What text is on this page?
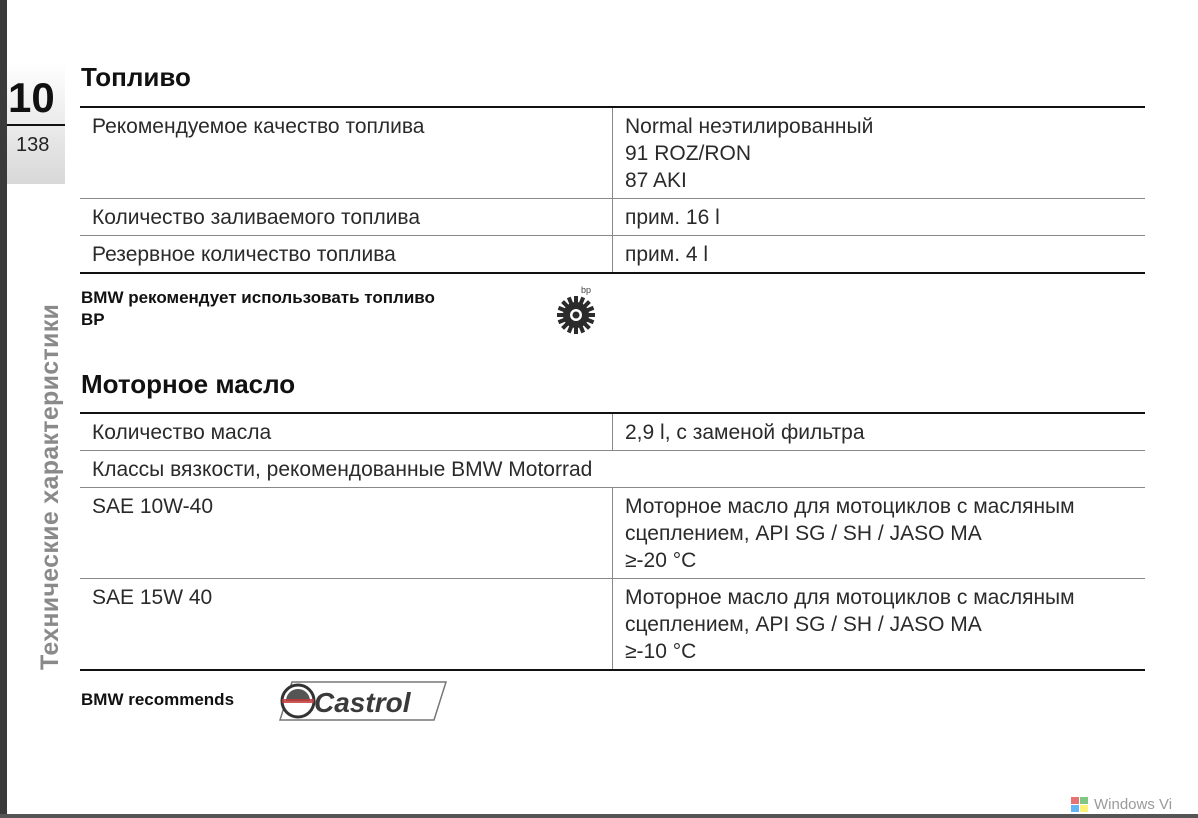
10
138
Технические характеристики
Топливо
Рекомендуемое качество топлива	Normal неэтилированный
91 ROZ/RON
87 AKI

Количество заливаемого топлива	прим. 16 l
Резервное количество топлива	прим. 4 l
BMW рекомендует использовать топливо
BP
bp
Моторное масло
Количество масла	2,9 l, с заменой фильтра
Классы вязкости, рекомендованные BMW Motorrad	
SAE 10W-40	Моторное масло для мотоциклов с масляным
сцеплением, API SG / SH / JASO MA
≥-20 °C

SAE 15W 40	Моторное масло для мотоциклов с масляным
сцеплением, API SG / SH / JASO MA
≥-10 °C
BMW recommends	Castrol
Windows Vi
